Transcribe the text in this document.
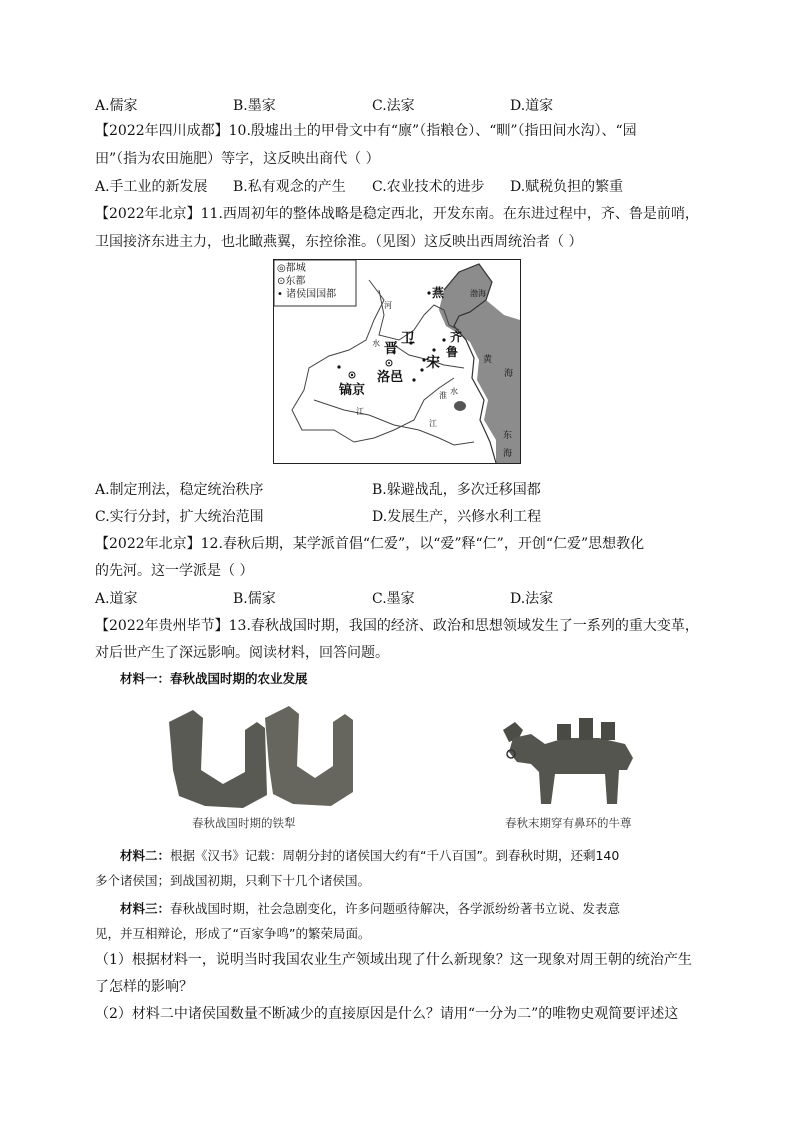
A.儒家	B.墨家	C.法家	D.道家
【2022年四川成都】10.殷墟出土的甲骨文中有“廪”（指粮仓）、“甽”（指田间水沟）、“园
田”（指为农田施肥）等字，这反映出商代（ ）
A.手工业的新发展 B.私有观念的产生 C.农业技术的进步 D.赋税负担的繁重
【2022年北京】11.西周初年的整体战略是稳定西北，开发东南。在东进过程中，齐、鲁是前哨，
卫国接济东进主力，也北瞰燕翼，东控徐淮。（见图）这反映出西周统治者（ ）
◎都城
⊙东都
• 诸侯国国都	燕
卫
晋
齐
鲁
宋
洛邑
镐京
河
水
江
淮 水
江
渤 海
黄
海
东
海
A.制定刑法，稳定统治秩序	B.躲避战乱，多次迁移国都
C.实行分封，扩大统治范围	D.发展生产，兴修水利工程
【2022年北京】12.春秋后期，某学派首倡“仁爱”，以“爱”释“仁”，开创“仁爱”思想教化
的先河。这一学派是（ ）
A.道家	B.儒家	C.墨家	D.法家
【2022年贵州毕节】13.春秋战国时期，我国的经济、政治和思想领域发生了一系列的重大变革，
对后世产生了深远影响。阅读材料，回答问题。
材料一：春秋战国时期的农业发展
春秋战国时期的铁犁	春秋末期穿有鼻环的牛尊
材料二：根据《汉书》记载：周朝分封的诸侯国大约有“千八百国”。到春秋时期，还剩140
多个诸侯国；到战国初期，只剩下十几个诸侯国。
材料三：春秋战国时期，社会急剧变化，许多问题亟待解决，各学派纷纷著书立说、发表意
见，并互相辩论，形成了“百家争鸣”的繁荣局面。
（1）根据材料一，说明当时我国农业生产领域出现了什么新现象？这一现象对周王朝的统治产生
了怎样的影响？
（2）材料二中诸侯国数量不断减少的直接原因是什么？请用“一分为二”的唯物史观简要评述这
